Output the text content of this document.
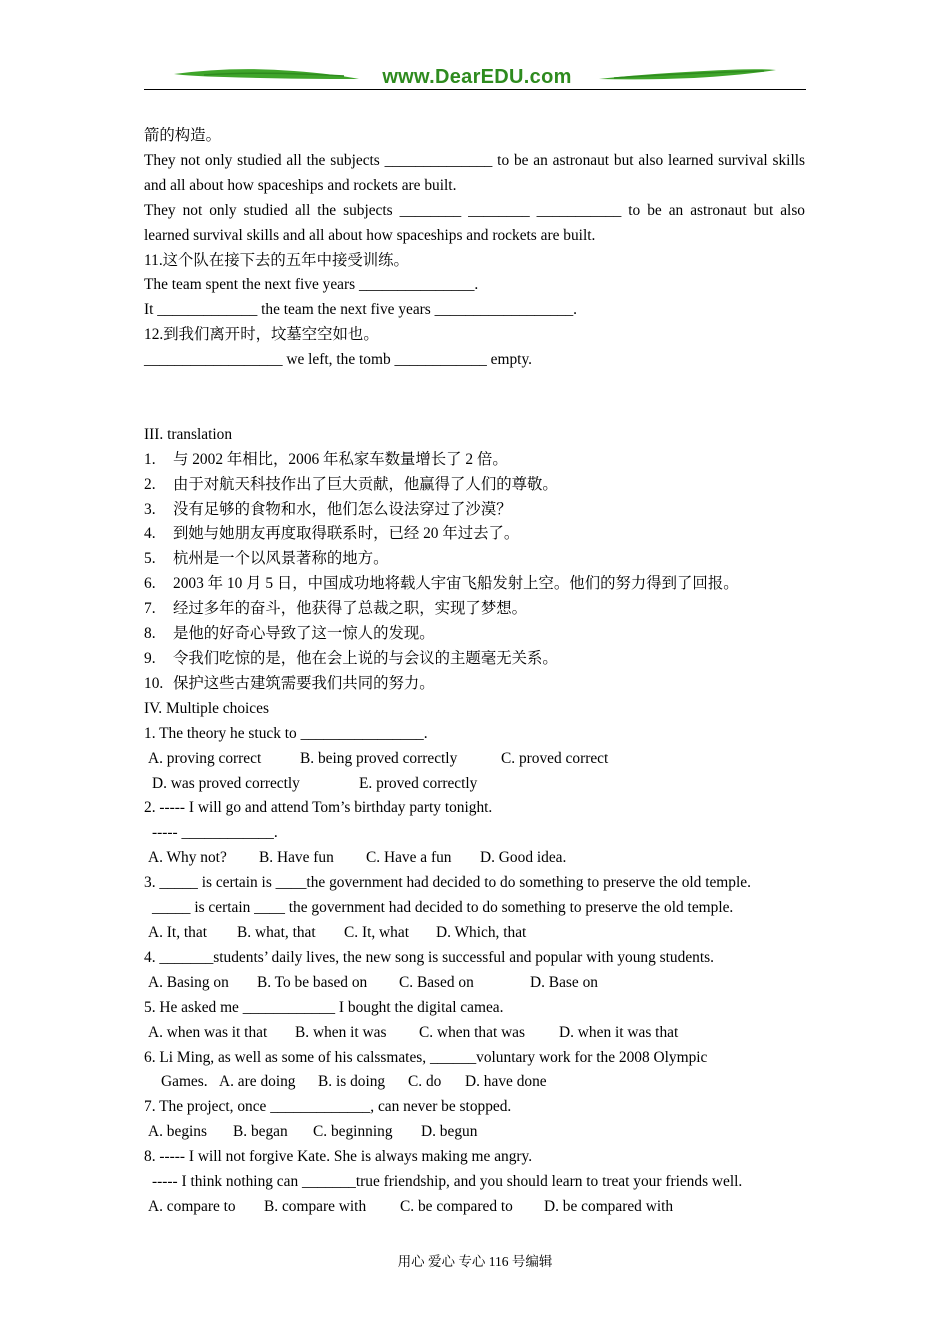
www.DearEDU.com

箭的构造。

They not only studied all the subjects ______________ to be an astronaut but also learned survival skills and all about how spaceships and rockets are built.

They not only studied all the subjects ________ ________ ___________ to be an astronaut but also learned survival skills and all about how spaceships and rockets are built.

11.这个队在接下去的五年中接受训练。

The team spent the next five years _______________.

It _____________ the team the next five years __________________.

12.到我们离开时，坟墓空空如也。

__________________ we left, the tomb ____________ empty.

III. translation

1.	与 2002 年相比，2006 年私家车数量增长了 2 倍。
2.	由于对航天科技作出了巨大贡献，他赢得了人们的尊敬。
3.	没有足够的食物和水，他们怎么设法穿过了沙漠？
4.	到她与她朋友再度取得联系时，已经 20 年过去了。
5.	杭州是一个以风景著称的地方。
6.	2003 年 10 月 5 日，中国成功地将载人宇宙飞船发射上空。他们的努力得到了回报。
7.	经过多年的奋斗，他获得了总裁之职，实现了梦想。
8.	是他的好奇心导致了这一惊人的发现。
9.	令我们吃惊的是，他在会上说的与会议的主题毫无关系。
10. 保护这些古建筑需要我们共同的努力。

IV. Multiple choices

1. The theory he stuck to ________________.

A. proving correct	B. being proved correctly	C. proved correct

D. was proved correctly	E. proved correctly

2. ----- I will go and attend Tom’s birthday party tonight.

----- ____________.

A. Why not? B. Have fun C. Have a fun D. Good idea.

3. _____ is certain is ____the government had decided to do something to preserve the old temple.

_____ is certain ____ the government had decided to do something to preserve the old temple.

A. It, that B. what, that C. It, what D. Which, that

4. _______students’ daily lives, the new song is successful and popular with young students.

A. Basing on B. To be based on C. Based on	D. Base on

5. He asked me ____________ I bought the digital camea.

A. when was it that B. when it was C. when that was D. when it was that

6. Li Ming, as well as some of his calssmates, ______voluntary work for the 2008 Olympic

Games. A. are doing B. is doing C. do D. have done

7. The project, once _____________, can never be stopped.

A. begins B. began C. beginning D. begun

8. ----- I will not forgive Kate. She is always making me angry.

----- I think nothing can _______true friendship, and you should learn to treat your friends well.

A. compare to B. compare with C. be compared to D. be compared with

用心 爱心 专心 116 号编辑
